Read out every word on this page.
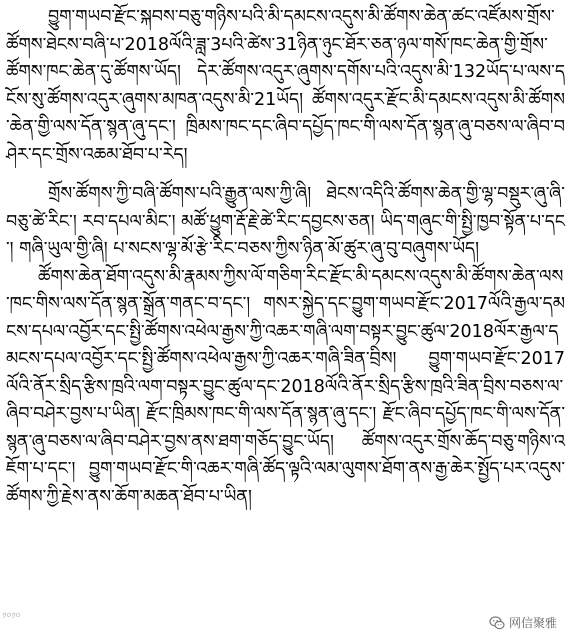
བྱུག་གཡབ་རྫོང་སྐབས་བཅུ་གཉིས་པའི་མི་དམངས་འདུས་མི་ཚོགས་ཆེན་ཚང་འཛོམས་གྲོས་ཚོགས་ཐེངས་བཞི་པ་2018ལོའི་ཟླ་3པའི་ཚེས་31ཉིན་ཉུང་ཐོར་ཅན་ཉལ་གསོ་ཁང་ཆེན་གྱི་གྲོས་ཚོགས་ཁང་ཆེན་དུ་ཚོགས་ཡོད། དེར་ཚོགས་འདུར་ཞུགས་དགོས་པའི་འདུས་མི་132ཡོད་པ་ལས་དངོས་སུ་ཚོགས་འདུར་ཞུགས་མཁན་འདུས་མི་21ཡོད། ཚོགས་འདུར་རྫོང་མི་དམངས་འདུས་མི་ཚོགས་ཆེན་གྱི་ལས་དོན་སྙན་ཞུ་དང་། ཁྲིམས་ཁང་དང་ཞིབ་དཔྱོད་ཁང་གི་ལས་དོན་སྙན་ཞུ་བཅས་ལ་ཞིབ་བཤེར་དང་གྲོས་འཆམ་ཐོབ་པ་རེད།

གྲོས་ཚོགས་ཀྱི་བཞི་ཚོགས་པའི་རྒྱུན་ལས་ཀྱི་ཞི། ཐེངས་འདིའི་ཚོགས་ཆེན་གྱི་ལྷ་བསྡུར་ཞུ་ཞི་བཅུ་ཚེ་རིང་། རབ་དཔལ་མིང་། མཚོ་ཕྱུག་རྡོ་རྗེ་ཚེ་རིང་དབྱངས་ཅན། ཡིད་གཞུང་གི་སྤྱི་ཁྱབ་སྟོན་པ་དང་། གཞི་ཡུལ་གྱི་ཞི། པ་སངས་ལྷ་མོ་རྩེ་རིང་བཅས་ཀྱིས་ཉིན་མོ་ཚུར་ཞུ་བུ་བཞུགས་ཡོད།

ཚོགས་ཆེན་ཐོག་འདུས་མི་རྣམས་ཀྱིས་ལོ་གཅིག་རིང་རྫོང་མི་དམངས་འདུས་མི་ཚོགས་ཆེན་ལས་ཁང་གིས་ལས་དོན་སྙན་སྒྲོན་གནང་བ་དང་། གསར་སྐྱེད་དང་བྱུག་གཡབ་རྫོང་2017ལོའི་རྒྱལ་དམངས་དཔལ་འབྱོར་དང་སྤྱི་ཚོགས་འཕེལ་རྒྱས་ཀྱི་འཆར་གཞི་ལག་བསྟར་བྱུང་ཚུལ་2018ལོར་རྒྱལ་དམངས་དཔལ་འབྱོར་དང་སྤྱི་ཚོགས་འཕེལ་རྒྱས་ཀྱི་འཆར་གཞི་ཟིན་བྲིས། བྱུག་གཡབ་རྫོང་2017ལོའི་ནོར་སྲིད་རྩིས་ཁྲའི་ལག་བསྟར་བྱུང་ཚུལ་དང་2018ལོའི་ནོར་སྲིད་རྩིས་ཁྲའི་ཟིན་བྲིས་བཅས་ལ་ཞིབ་བཤེར་བྱས་པ་ཡིན། རྫོང་ཁྲིམས་ཁང་གི་ལས་དོན་སྙན་ཞུ་དང་། རྫོང་ཞིབ་དཔྱོད་ཁང་གི་ལས་དོན་སྙན་ཞུ་བཅས་ལ་ཞིབ་བཤེར་བྱས་ནས་ཐག་གཅོད་བྱུང་ཡོད། ཚོགས་འདུར་གྲོས་ཆོད་བཅུ་གཉིས་འཇོག་པ་དང་། བྱུག་གཡབ་རྫོང་གི་འཆར་གཞི་ཚོད་ལྟའི་ལམ་ལུགས་ཐོག་ནས་རྒྱ་ཆེར་སྤྱོད་པར་འདུས་ཚོགས་ཀྱི་རྗེས་ནས་ཆོག་མཆན་ཐོབ་པ་ཡིན།

༡༠༡༠	网信聚雅
